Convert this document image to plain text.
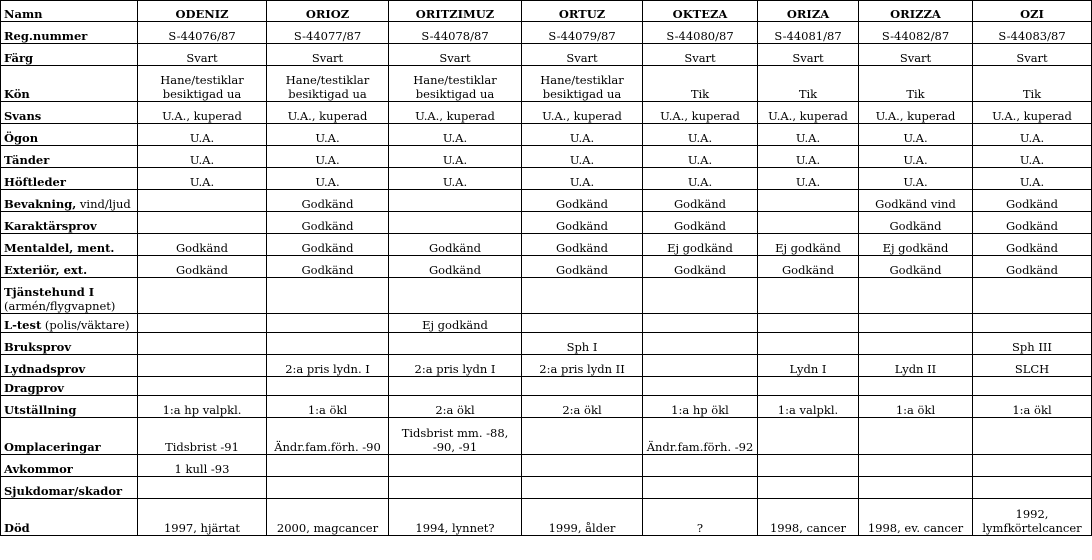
Namn	ODENIZ	ORIOZ	ORITZIMUZ	ORTUZ	OKTEZA	ORIZA	ORIZZA	OZI
Reg.nummer	S-44076/87	S-44077/87	S-44078/87	S-44079/87	S-44080/87	S-44081/87	S-44082/87	S-44083/87
Färg	Svart	Svart	Svart	Svart	Svart	Svart	Svart	Svart
Kön	Hane/testiklar besiktigad ua	Hane/testiklar besiktigad ua	Hane/testiklar besiktigad ua	Hane/testiklar besiktigad ua	Tik	Tik	Tik	Tik
Svans	U.A., kuperad	U.A., kuperad	U.A., kuperad	U.A., kuperad	U.A., kuperad	U.A., kuperad	U.A., kuperad	U.A., kuperad
Ögon	U.A.	U.A.	U.A.	U.A.	U.A.	U.A.	U.A.	U.A.
Tänder	U.A.	U.A.	U.A.	U.A.	U.A.	U.A.	U.A.	U.A.
Höftleder	U.A.	U.A.	U.A.	U.A.	U.A.	U.A.	U.A.	U.A.
Bevakning, vind/ljud		Godkänd		Godkänd	Godkänd		Godkänd vind	Godkänd
Karaktärsprov		Godkänd		Godkänd	Godkänd		Godkänd	Godkänd
Mentaldel, ment.	Godkänd	Godkänd	Godkänd	Godkänd	Ej godkänd	Ej godkänd	Ej godkänd	Godkänd
Exteriör, ext.	Godkänd	Godkänd	Godkänd	Godkänd	Godkänd	Godkänd	Godkänd	Godkänd
Tjänstehund I
(armén/flygvapnet)								
L-test (polis/väktare)			Ej godkänd					
Bruksprov				Sph I				Sph III
Lydnadsprov		2:a pris lydn. I	2:a pris lydn I	2:a pris lydn II		Lydn I	Lydn II	SLCH
Dragprov								
Utställning	1:a hp valpkl.	1:a ökl	2:a ökl	2:a ökl	1:a hp ökl	1:a valpkl.	1:a ökl	1:a ökl
Omplaceringar	Tidsbrist -91	Ändr.fam.förh. -90	Tidsbrist mm. -88, -90, -91		Ändr.fam.förh. -92			
Avkommor	1 kull -93							
Sjukdomar/skador								
Död	1997, hjärtat	2000, magcancer	1994, lynnet?	1999, ålder	?	1998, cancer	1998, ev. cancer	1992, lymfkörtelcancer
